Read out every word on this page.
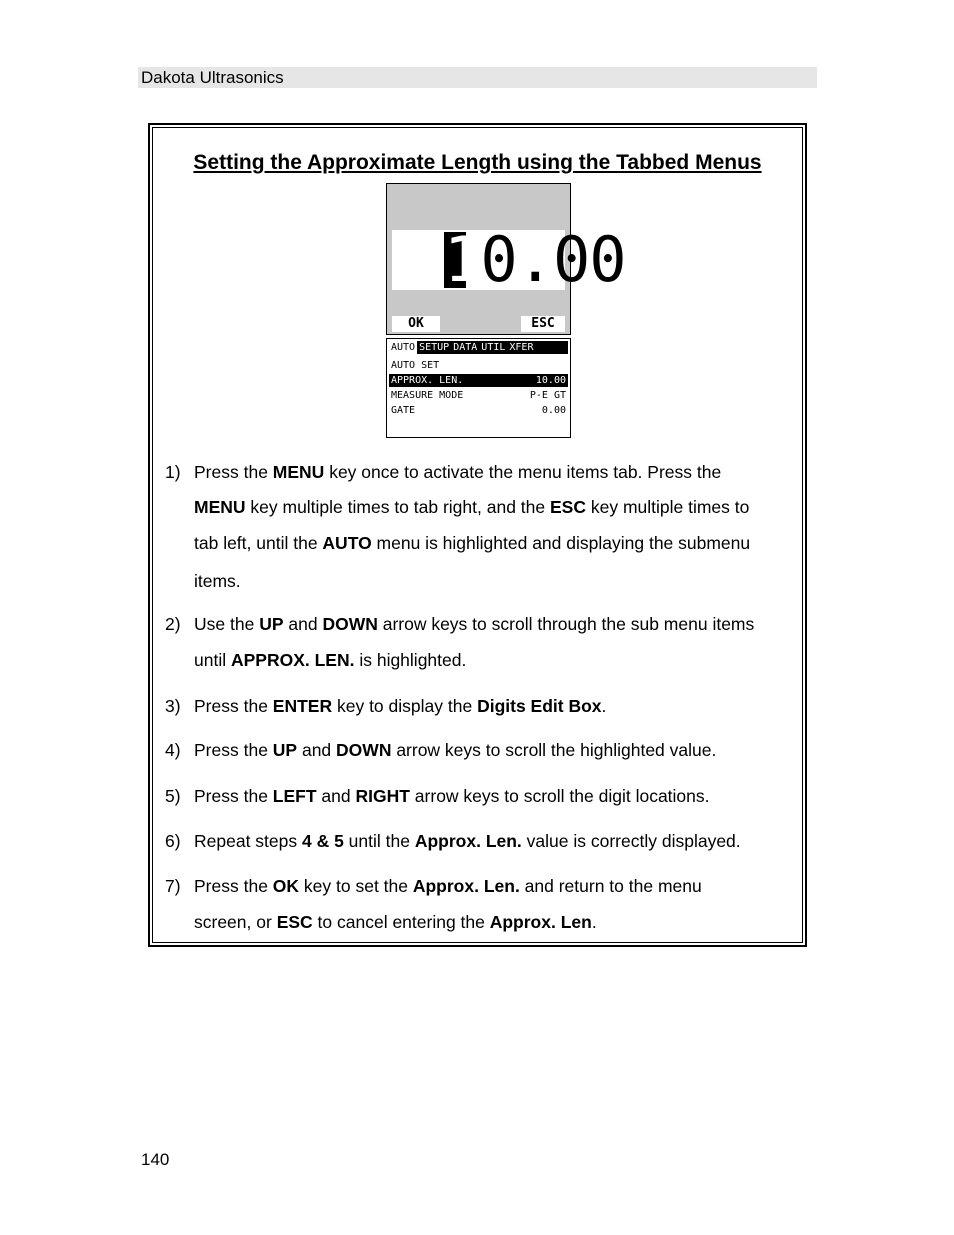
Dakota Ultrasonics
Setting the Approximate Length using the Tabbed Menus
10.00
OK	ESC
AUTO SETUP DATA UTIL XFER
AUTO SET
APPROX. LEN.	10.00
MEASURE MODE	P-E GT
GATE	0.00
1) Press the MENU key once to activate the menu items tab. Press the
MENU key multiple times to tab right, and the ESC key multiple times to
tab left, until the AUTO menu is highlighted and displaying the submenu
items.
2) Use the UP and DOWN arrow keys to scroll through the sub menu items
until APPROX. LEN. is highlighted.
3) Press the ENTER key to display the Digits Edit Box.
4) Press the UP and DOWN arrow keys to scroll the highlighted value.
5) Press the LEFT and RIGHT arrow keys to scroll the digit locations.
6) Repeat steps 4 & 5 until the Approx. Len. value is correctly displayed.
7) Press the OK key to set the Approx. Len. and return to the menu
screen, or ESC to cancel entering the Approx. Len.
140
